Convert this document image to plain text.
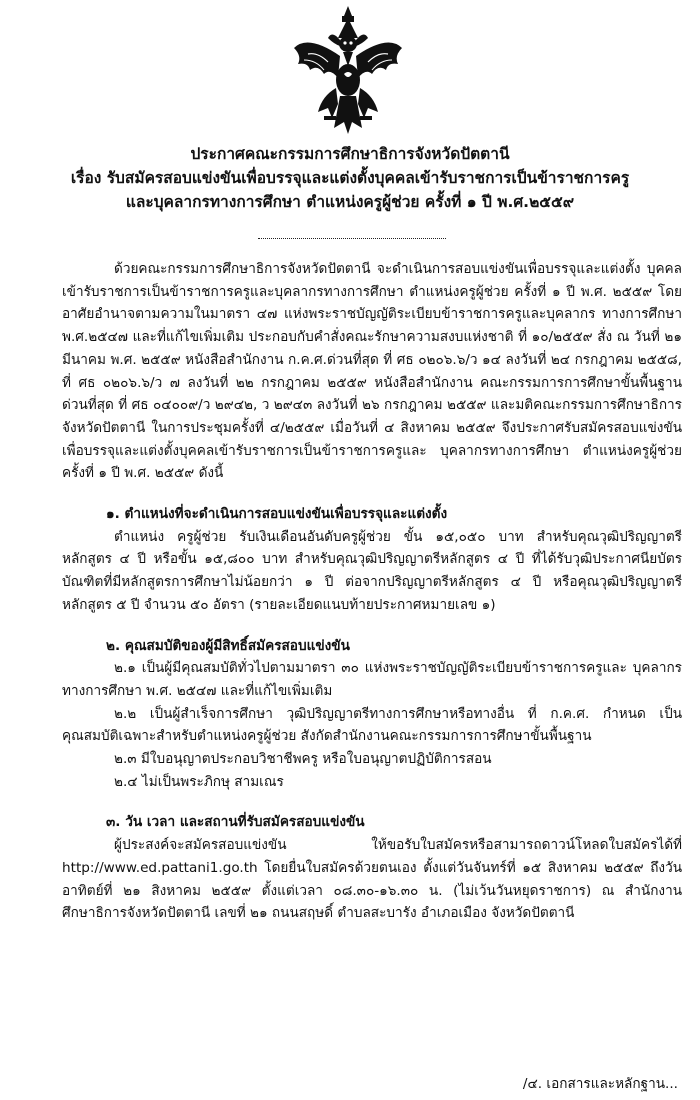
ประกาศคณะกรรมการศึกษาธิการจังหวัดปัตตานี
เรื่อง รับสมัครสอบแข่งขันเพื่อบรรจุและแต่งตั้งบุคคลเข้ารับราชการเป็นข้าราชการครู
และบุคลากรทางการศึกษา ตำแหน่งครูผู้ช่วย ครั้งที่ ๑ ปี พ.ศ.๒๕๕๙

ด้วยคณะกรรมการศึกษาธิการจังหวัดปัตตานี จะดำเนินการสอบแข่งขันเพื่อบรรจุและแต่งตั้ง บุคคลเข้ารับราชการเป็นข้าราชการครูและบุคลากรทางการศึกษา ตำแหน่งครูผู้ช่วย ครั้งที่ ๑ ปี พ.ศ. ๒๕๕๙ โดยอาศัยอำนาจตามความในมาตรา ๔๗ แห่งพระราชบัญญัติระเบียบข้าราชการครูและบุคลากร ทางการศึกษา พ.ศ.๒๕๔๗ และที่แก้ไขเพิ่มเติม ประกอบกับคำสั่งคณะรักษาความสงบแห่งชาติ ที่ ๑๐/๒๕๕๙ สั่ง ณ วันที่ ๒๑ มีนาคม พ.ศ. ๒๕๕๙ หนังสือสำนักงาน ก.ค.ศ.ด่วนที่สุด ที่ ศธ ๐๒๐๖.๖/ว ๑๔ ลงวันที่ ๒๔ กรกฎาคม ๒๕๕๘, ที่ ศธ ๐๒๐๖.๖/ว ๗ ลงวันที่ ๒๒ กรกฎาคม ๒๕๕๙ หนังสือสำนักงาน คณะกรรมการการศึกษาขั้นพื้นฐาน ด่วนที่สุด ที่ ศธ ๐๔๐๐๙/ว ๒๙๔๒, ว ๒๙๔๓ ลงวันที่ ๒๖ กรกฎาคม ๒๕๕๙ และมติคณะกรรมการศึกษาธิการจังหวัดปัตตานี ในการประชุมครั้งที่ ๔/๒๕๕๙ เมื่อวันที่ ๔ สิงหาคม ๒๕๕๙ จึงประกาศรับสมัครสอบแข่งขันเพื่อบรรจุและแต่งตั้งบุคคลเข้ารับราชการเป็นข้าราชการครูและ บุคลากรทางการศึกษา ตำแหน่งครูผู้ช่วย ครั้งที่ ๑ ปี พ.ศ. ๒๕๕๙ ดังนี้

๑. ตำแหน่งที่จะดำเนินการสอบแข่งขันเพื่อบรรจุและแต่งตั้ง

ตำแหน่ง ครูผู้ช่วย รับเงินเดือนอันดับครูผู้ช่วย ขั้น ๑๕,๐๕๐ บาท สำหรับคุณวุฒิปริญญาตรี หลักสูตร ๔ ปี หรือขั้น ๑๕,๘๐๐ บาท สำหรับคุณวุฒิปริญญาตรีหลักสูตร ๔ ปี ที่ได้รับวุฒิประกาศนียบัตร บัณฑิตที่มีหลักสูตรการศึกษาไม่น้อยกว่า ๑ ปี ต่อจากปริญญาตรีหลักสูตร ๔ ปี หรือคุณวุฒิปริญญาตรี หลักสูตร ๕ ปี จำนวน ๕๐ อัตรา (รายละเอียดแนบท้ายประกาศหมายเลข ๑)

๒. คุณสมบัติของผู้มีสิทธิ์สมัครสอบแข่งขัน

๒.๑ เป็นผู้มีคุณสมบัติทั่วไปตามมาตรา ๓๐ แห่งพระราชบัญญัติระเบียบข้าราชการครูและ บุคลากรทางการศึกษา พ.ศ. ๒๕๔๗ และที่แก้ไขเพิ่มเติม

๒.๒ เป็นผู้สำเร็จการศึกษา วุฒิปริญญาตรีทางการศึกษาหรือทางอื่น ที่ ก.ค.ศ. กำหนด เป็นคุณสมบัติเฉพาะสำหรับตำแหน่งครูผู้ช่วย สังกัดสำนักงานคณะกรรมการการศึกษาขั้นพื้นฐาน

๒.๓ มีใบอนุญาตประกอบวิชาชีพครู หรือใบอนุญาตปฏิบัติการสอน

๒.๔ ไม่เป็นพระภิกษุ สามเณร

๓. วัน เวลา และสถานที่รับสมัครสอบแข่งขัน

ผู้ประสงค์จะสมัครสอบแข่งขัน ให้ขอรับใบสมัครหรือสามารถดาวน์โหลดใบสมัครได้ที่ http://www.ed.pattani1.go.th โดยยื่นใบสมัครด้วยตนเอง ตั้งแต่วันจันทร์ที่ ๑๕ สิงหาคม ๒๕๕๙ ถึงวันอาทิตย์ที่ ๒๑ สิงหาคม ๒๕๕๙ ตั้งแต่เวลา ๐๘.๓๐-๑๖.๓๐ น. (ไม่เว้นวันหยุดราชการ) ณ สำนักงาน ศึกษาธิการจังหวัดปัตตานี เลขที่ ๒๑ ถนนสฤษดิ์ ตำบลสะบารัง อำเภอเมือง จังหวัดปัตตานี

/๔. เอกสารและหลักฐาน...
